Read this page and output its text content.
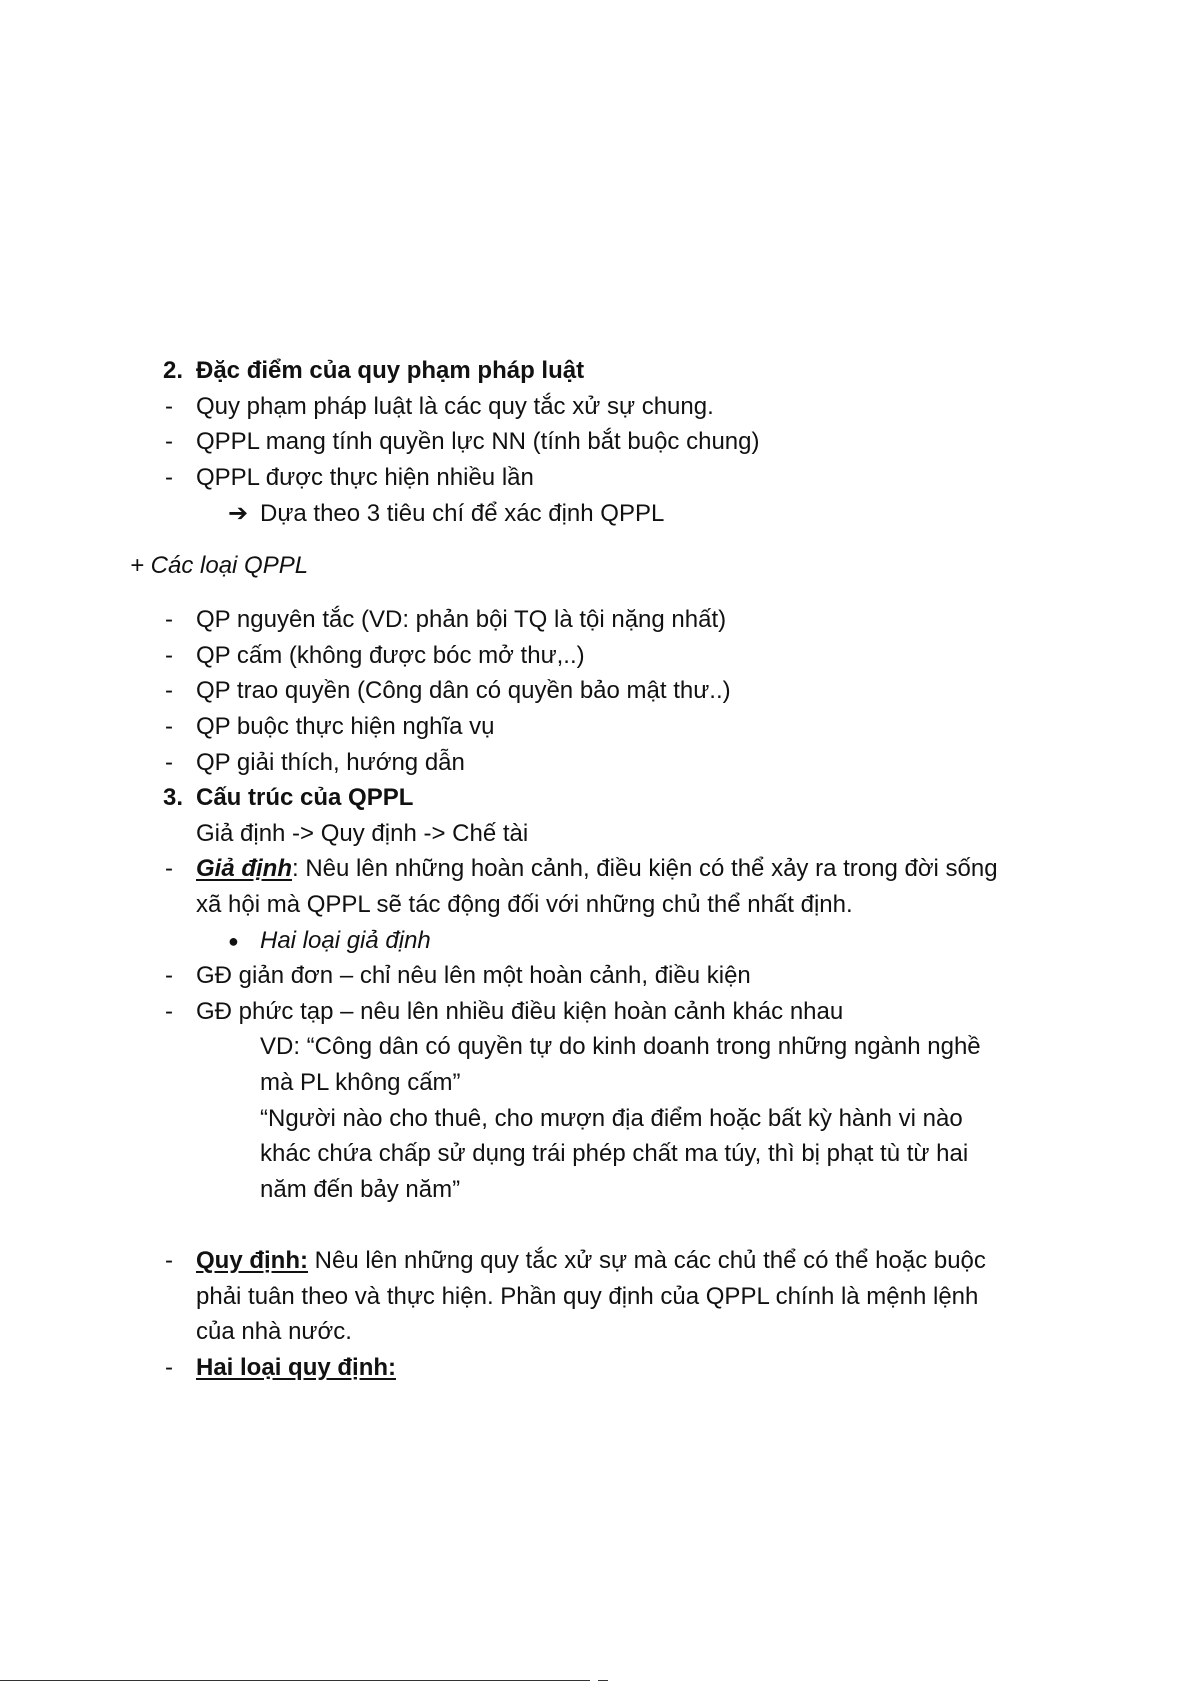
2. Đặc điểm của quy phạm pháp luật
- Quy phạm pháp luật là các quy tắc xử sự chung.
- QPPL mang tính quyền lực NN (tính bắt buộc chung)
- QPPL được thực hiện nhiều lần
➔ Dựa theo 3 tiêu chí để xác định QPPL
+ Các loại QPPL
- QP nguyên tắc (VD: phản bội TQ là tội nặng nhất)
- QP cấm (không được bóc mở thư,..)
- QP trao quyền (Công dân có quyền bảo mật thư..)
- QP buộc thực hiện nghĩa vụ
- QP giải thích, hướng dẫn
3. Cấu trúc của QPPL
Giả định -> Quy định -> Chế tài
- Giả định: Nêu lên những hoàn cảnh, điều kiện có thể xảy ra trong đời sống
xã hội mà QPPL sẽ tác động đối với những chủ thể nhất định.
● Hai loại giả định
- GĐ giản đơn – chỉ nêu lên một hoàn cảnh, điều kiện
- GĐ phức tạp – nêu lên nhiều điều kiện hoàn cảnh khác nhau
VD: “Công dân có quyền tự do kinh doanh trong những ngành nghề
mà PL không cấm”
“Người nào cho thuê, cho mượn địa điểm hoặc bất kỳ hành vi nào
khác chứa chấp sử dụng trái phép chất ma túy, thì bị phạt tù từ hai
năm đến bảy năm”
- Quy định: Nêu lên những quy tắc xử sự mà các chủ thể có thể hoặc buộc
phải tuân theo và thực hiện. Phần quy định của QPPL chính là mệnh lệnh
của nhà nước.
- Hai loại quy định:
